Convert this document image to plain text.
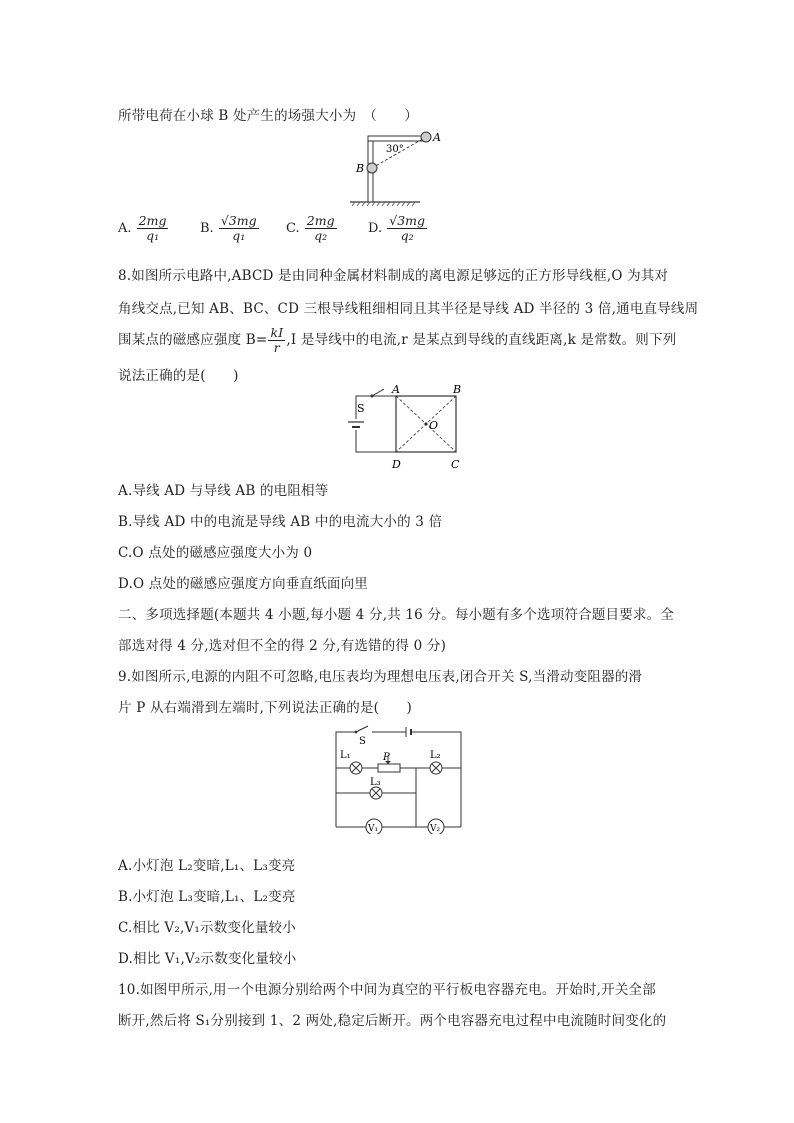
所带电荷在小球 B 处产生的场强大小为　（　　）
A
B
30°
A. $\frac{2mg}{\text{q₁}} B$. $\frac{√3mg}{\text{q₁}} C$. $\frac{2mg}{\text{q₂}} D$. $\frac{√3mg}{\text{q₂}}$
8.如图所示电路中,ABCD 是由同种金属材料制成的离电源足够远的正方形导线框,O 为其对
角线交点,已知 AB、BC、CD 三根导线粗细相同且其半径是导线 AD 半径的 3 倍,通电直导线周
围某点的磁感应强度 $B= \frac{kI}{r} ,I$ 是导线中的电流,r 是某点到导线的直线距离,k 是常数。则下列
说法正确的是(　　)
S
A	B
C
D
O
A.导线 AD 与导线 AB 的电阻相等
B.导线 AD 中的电流是导线 AB 中的电流大小的 3 倍
C.O 点处的磁感应强度大小为 0
D.O 点处的磁感应强度方向垂直纸面向里
二、多项选择题(本题共 4 小题,每小题 4 分,共 16 分。每小题有多个选项符合题目要求。全
部选对得 4 分,选对但不全的得 2 分,有选错的得 0 分)
9.如图所示,电源的内阻不可忽略,电压表均为理想电压表,闭合开关 S,当滑动变阻器的滑
片 P 从右端滑到左端时,下列说法正确的是(　　)
S
P
L₁	L₂
L₃
V₁	V₂
A.小灯泡 L₂变暗,L₁、L₃变亮
B.小灯泡 L₃变暗,L₁、L₂变亮
C.相比 V₂,V₁示数变化量较小
D.相比 V₁,V₂示数变化量较小
10.如图甲所示,用一个电源分别给两个中间为真空的平行板电容器充电。开始时,开关全部
断开,然后将 S₁分别接到 1、2 两处,稳定后断开。两个电容器充电过程中电流随时间变化的
